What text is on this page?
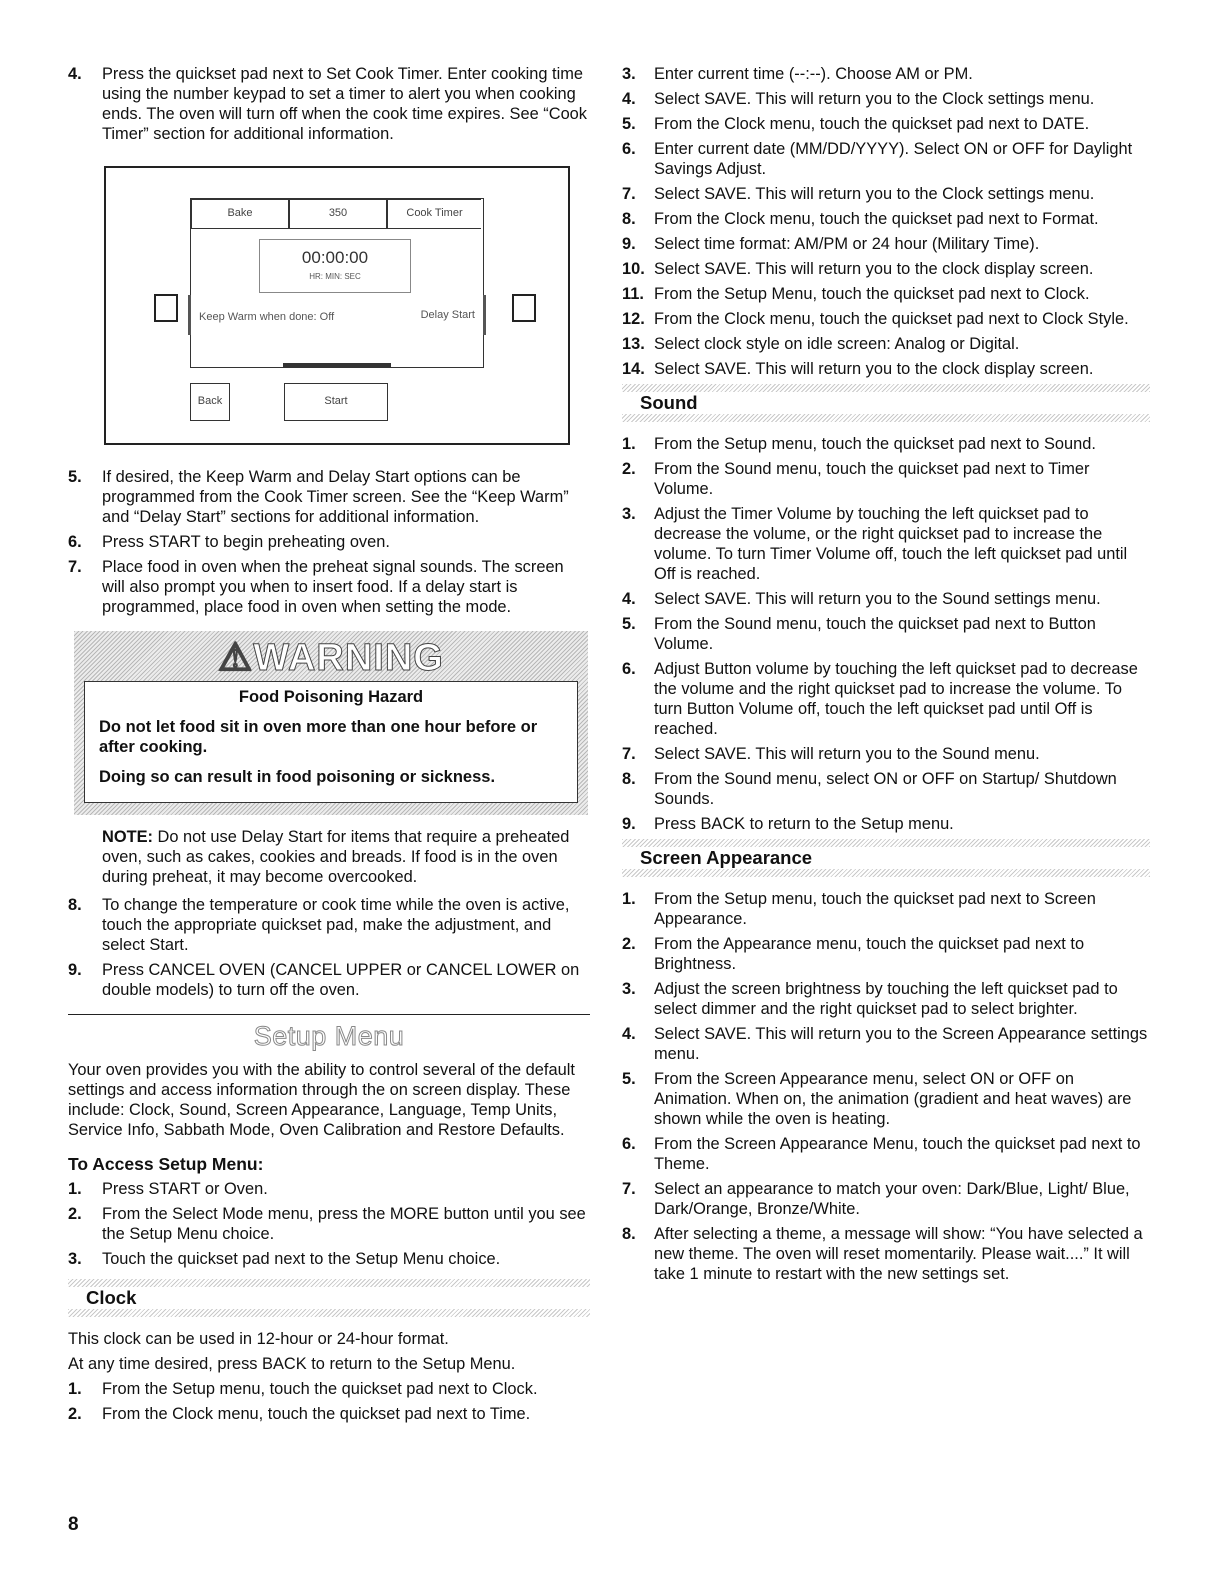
4. Press the quickset pad next to Set Cook Timer. Enter cooking time using the number keypad to set a timer to alert you when cooking ends. The oven will turn off when the cook time expires. See “Cook Timer” section for additional information.
Bake	350	Cook Timer
00:00:00
HR: MIN: SEC
Keep Warm when done: Off	Delay Start
Back	Start
5. If desired, the Keep Warm and Delay Start options can be programmed from the Cook Timer screen. See the “Keep Warm” and “Delay Start” sections for additional information.
6. Press START to begin preheating oven.
7. Place food in oven when the preheat signal sounds. The screen will also prompt you when to insert food. If a delay start is programmed, place food in oven when setting the mode.
⚠WARNING
Food Poisoning Hazard
Do not let food sit in oven more than one hour before or after cooking.
Doing so can result in food poisoning or sickness.
NOTE: Do not use Delay Start for items that require a preheated oven, such as cakes, cookies and breads. If food is in the oven during preheat, it may become overcooked.
8. To change the temperature or cook time while the oven is active, touch the appropriate quickset pad, make the adjustment, and select Start.
9. Press CANCEL OVEN (CANCEL UPPER or CANCEL LOWER on double models) to turn off the oven.
Setup Menu
Your oven provides you with the ability to control several of the default settings and access information through the on screen display. These include: Clock, Sound, Screen Appearance, Language, Temp Units, Service Info, Sabbath Mode, Oven Calibration and Restore Defaults.
To Access Setup Menu:
1. Press START or Oven.
2. From the Select Mode menu, press the MORE button until you see the Setup Menu choice.
3. Touch the quickset pad next to the Setup Menu choice.
Clock
This clock can be used in 12-hour or 24-hour format.
At any time desired, press BACK to return to the Setup Menu.
1. From the Setup menu, touch the quickset pad next to Clock.
2. From the Clock menu, touch the quickset pad next to Time.
3. Enter current time (--:--). Choose AM or PM.
4. Select SAVE. This will return you to the Clock settings menu.
5. From the Clock menu, touch the quickset pad next to DATE.
6. Enter current date (MM/DD/YYYY). Select ON or OFF for Daylight Savings Adjust.
7. Select SAVE. This will return you to the Clock settings menu.
8. From the Clock menu, touch the quickset pad next to Format.
9. Select time format: AM/PM or 24 hour (Military Time).
10. Select SAVE. This will return you to the clock display screen.
11. From the Setup Menu, touch the quickset pad next to Clock.
12. From the Clock menu, touch the quickset pad next to Clock Style.
13. Select clock style on idle screen: Analog or Digital.
14. Select SAVE. This will return you to the clock display screen.
Sound
1. From the Setup menu, touch the quickset pad next to Sound.
2. From the Sound menu, touch the quickset pad next to Timer Volume.
3. Adjust the Timer Volume by touching the left quickset pad to decrease the volume, or the right quickset pad to increase the volume. To turn Timer Volume off, touch the left quickset pad until Off is reached.
4. Select SAVE. This will return you to the Sound settings menu.
5. From the Sound menu, touch the quickset pad next to Button Volume.
6. Adjust Button volume by touching the left quickset pad to decrease the volume and the right quickset pad to increase the volume. To turn Button Volume off, touch the left quickset pad until Off is reached.
7. Select SAVE. This will return you to the Sound menu.
8. From the Sound menu, select ON or OFF on Startup/ Shutdown Sounds.
9. Press BACK to return to the Setup menu.
Screen Appearance
1. From the Setup menu, touch the quickset pad next to Screen Appearance.
2. From the Appearance menu, touch the quickset pad next to Brightness.
3. Adjust the screen brightness by touching the left quickset pad to select dimmer and the right quickset pad to select brighter.
4. Select SAVE. This will return you to the Screen Appearance settings menu.
5. From the Screen Appearance menu, select ON or OFF on Animation. When on, the animation (gradient and heat waves) are shown while the oven is heating.
6. From the Screen Appearance Menu, touch the quickset pad next to Theme.
7. Select an appearance to match your oven: Dark/Blue, Light/ Blue, Dark/Orange, Bronze/White.
8. After selecting a theme, a message will show: “You have selected a new theme. The oven will reset momentarily. Please wait....” It will take 1 minute to restart with the new settings set.
8
